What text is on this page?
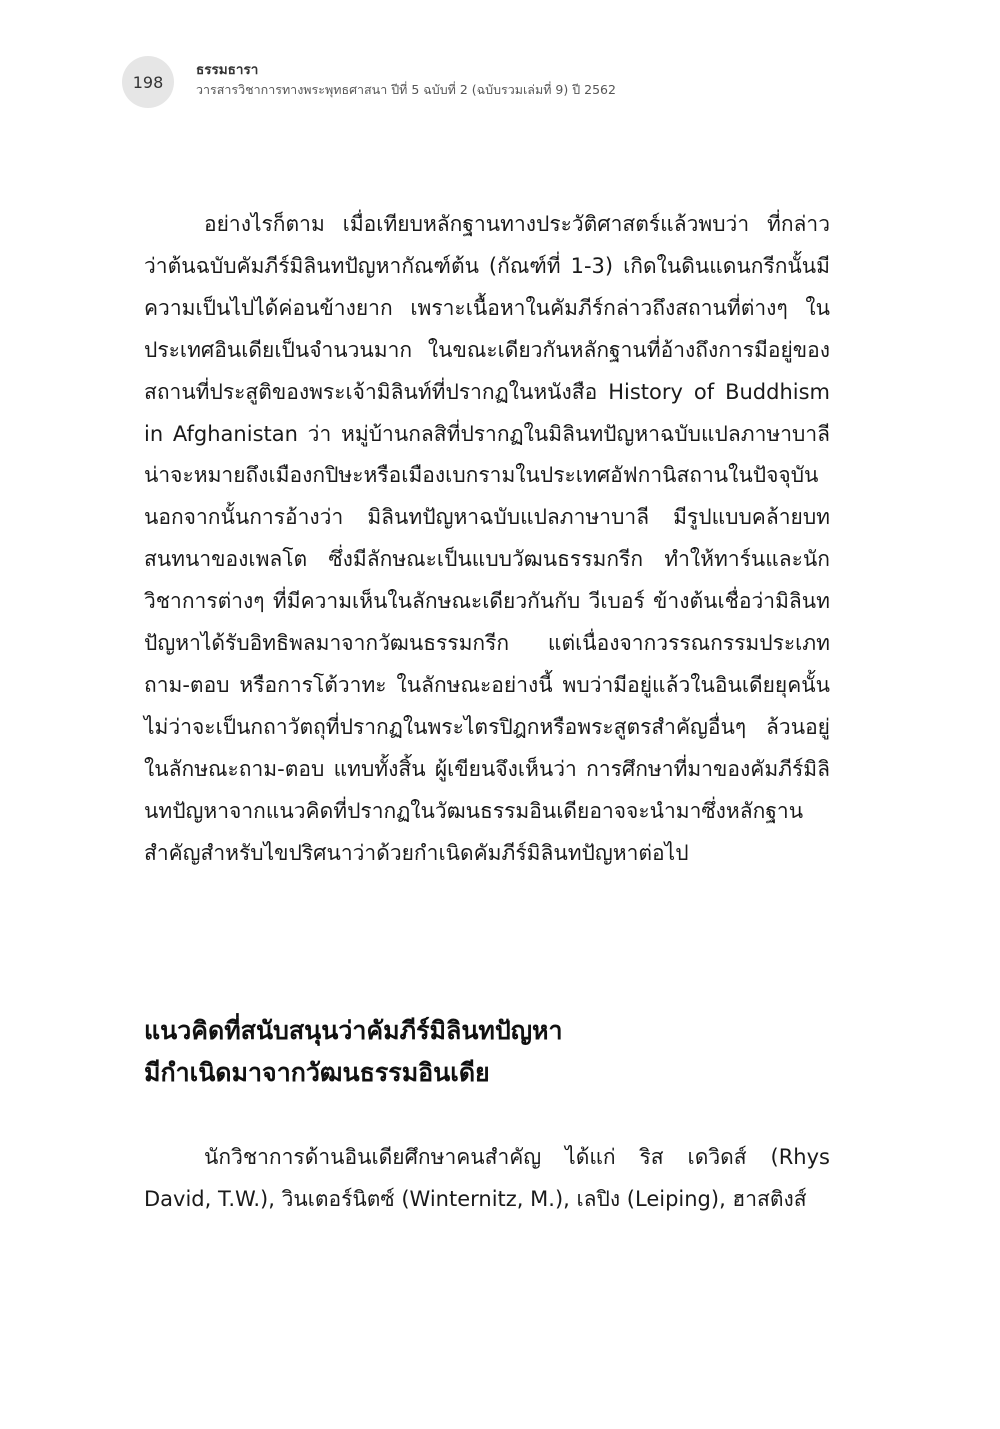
198
ธรรมธารา
วารสารวิชาการทางพระพุทธศาสนา ปีที่ 5 ฉบับที่ 2 (ฉบับรวมเล่มที่ 9) ปี 2562

อย่างไรก็ตาม เมื่อเทียบหลักฐานทางประวัติศาสตร์แล้วพบว่า ที่กล่าวว่าต้นฉบับคัมภีร์มิลินทปัญหากัณฑ์ต้น (กัณฑ์ที่ 1-3) เกิดในดินแดนกรีกนั้นมีความเป็นไปได้ค่อนข้างยาก เพราะเนื้อหาในคัมภีร์กล่าวถึงสถานที่ต่างๆ ในประเทศอินเดียเป็นจำนวนมาก ในขณะเดียวกันหลักฐานที่อ้างถึงการมีอยู่ของสถานที่ประสูติของพระเจ้ามิลินท์ที่ปรากฏในหนังสือ History of Buddhism in Afghanistan ว่า หมู่บ้านกลสิที่ปรากฏในมิลินทปัญหาฉบับแปลภาษาบาลีน่าจะหมายถึงเมืองกปิษะหรือเมืองเบกรามในประเทศอัฟกานิสถานในปัจจุบัน นอกจากนั้นการอ้างว่า มิลินทปัญหาฉบับแปลภาษาบาลี มีรูปแบบคล้ายบทสนทนาของเพลโต ซึ่งมีลักษณะเป็นแบบวัฒนธรรมกรีก ทำให้ทาร์นและนักวิชาการต่างๆ ที่มีความเห็นในลักษณะเดียวกันกับ วีเบอร์ ข้างต้นเชื่อว่ามิลินทปัญหาได้รับอิทธิพลมาจากวัฒนธรรมกรีก แต่เนื่องจากวรรณกรรมประเภทถาม-ตอบ หรือการโต้วาทะ ในลักษณะอย่างนี้ พบว่ามีอยู่แล้วในอินเดียยุคนั้น ไม่ว่าจะเป็นกถาวัตถุที่ปรากฏในพระไตรปิฎกหรือพระสูตรสำคัญอื่นๆ ล้วนอยู่ในลักษณะถาม-ตอบ แทบทั้งสิ้น ผู้เขียนจึงเห็นว่า การศึกษาที่มาของคัมภีร์มิลินทปัญหาจากแนวคิดที่ปรากฏในวัฒนธรรมอินเดียอาจจะนำมาซึ่งหลักฐานสำคัญสำหรับไขปริศนาว่าด้วยกำเนิดคัมภีร์มิลินทปัญหาต่อไป

แนวคิดที่สนับสนุนว่าคัมภีร์มิลินทปัญหา
มีกำเนิดมาจากวัฒนธรรมอินเดีย

นักวิชาการด้านอินเดียศึกษาคนสำคัญ ได้แก่ ริส เดวิดส์ (Rhys David, T.W.), วินเตอร์นิตซ์ (Winternitz, M.), เลปิง (Leiping), ฮาสติงส์
